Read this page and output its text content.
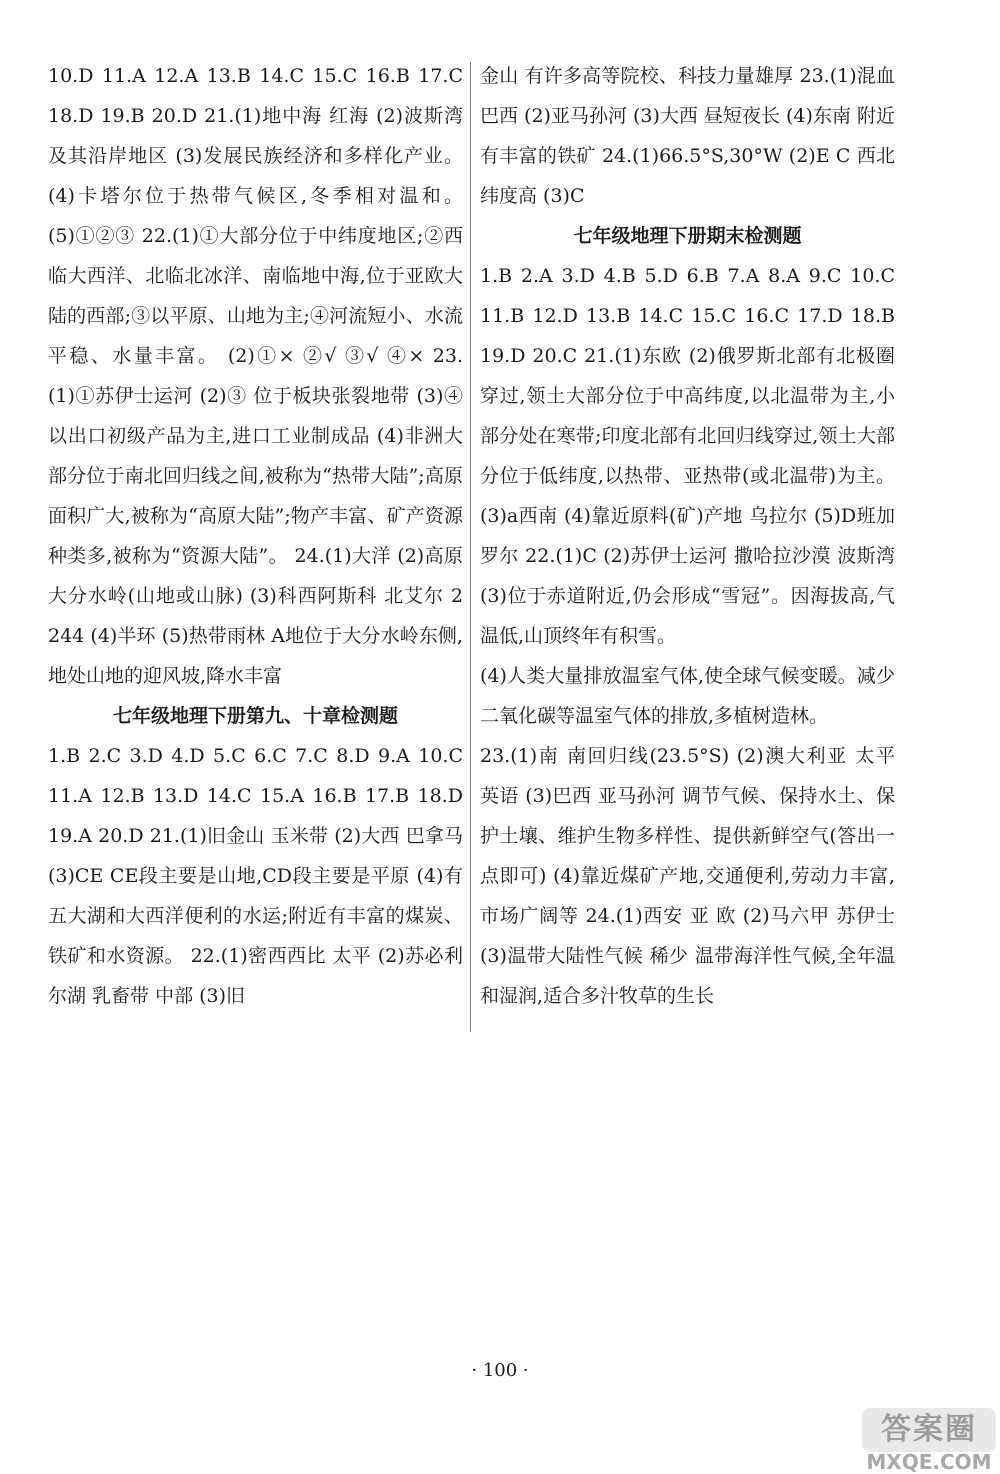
10.D 11.A 12.A 13.B 14.C 15.C 16.B 17.C 18.D 19.B 20.D 21.(1)地中海 红海 (2)波斯湾及其沿岸地区 (3)发展民族经济和多样化产业。 (4)卡塔尔位于热带气候区,冬季相对温和。 (5)①②③ 22.(1)①大部分位于中纬度地区;②西临大西洋、北临北冰洋、南临地中海,位于亚欧大陆的西部;③以平原、山地为主;④河流短小、水流平稳、水量丰富。 (2)①× ②√ ③√ ④× 23.(1)①苏伊士运河 (2)③ 位于板块张裂地带 (3)④ 以出口初级产品为主,进口工业制成品 (4)非洲大部分位于南北回归线之间,被称为“热带大陆”;高原面积广大,被称为“高原大陆”;物产丰富、矿产资源种类多,被称为“资源大陆”。 24.(1)大洋 (2)高原 大分水岭(山地或山脉) (3)科西阿斯科 北艾尔 2 244 (4)半环 (5)热带雨林 A地位于大分水岭东侧,地处山地的迎风坡,降水丰富

七年级地理下册第九、十章检测题

1.B 2.C 3.D 4.D 5.C 6.C 7.C 8.D 9.A 10.C 11.A 12.B 13.D 14.C 15.A 16.B 17.B 18.D 19.A 20.D 21.(1)旧金山 玉米带 (2)大西 巴拿马 (3)CE CE段主要是山地,CD段主要是平原 (4)有五大湖和大西洋便利的水运;附近有丰富的煤炭、铁矿和水资源。 22.(1)密西西比 太平 (2)苏必利尔湖 乳畜带 中部 (3)旧

金山 有许多高等院校、科技力量雄厚 23.(1)混血 巴西 (2)亚马孙河 (3)大西 昼短夜长 (4)东南 附近有丰富的铁矿 24.(1)66.5°S,30°W (2)E C 西北 纬度高 (3)C

七年级地理下册期末检测题

1.B 2.A 3.D 4.B 5.D 6.B 7.A 8.A 9.C 10.C 11.B 12.D 13.B 14.C 15.C 16.C 17.D 18.B 19.D 20.C 21.(1)东欧 (2)俄罗斯北部有北极圈穿过,领土大部分位于中高纬度,以北温带为主,小部分处在寒带;印度北部有北回归线穿过,领土大部分位于低纬度,以热带、亚热带(或北温带)为主。 (3)a西南 (4)靠近原料(矿)产地 乌拉尔 (5)D班加罗尔 22.(1)C (2)苏伊士运河 撒哈拉沙漠 波斯湾 (3)位于赤道附近,仍会形成“雪冠”。因海拔高,气温低,山顶终年有积雪。

(4)人类大量排放温室气体,使全球气候变暖。减少二氧化碳等温室气体的排放,多植树造林。

23.(1)南 南回归线(23.5°S) (2)澳大利亚 太平 英语 (3)巴西 亚马孙河 调节气候、保持水土、保护土壤、维护生物多样性、提供新鲜空气(答出一点即可) (4)靠近煤矿产地,交通便利,劳动力丰富,市场广阔等 24.(1)西安 亚 欧 (2)马六甲 苏伊士 (3)温带大陆性气候 稀少 温带海洋性气候,全年温和湿润,适合多汁牧草的生长

· 100 ·
答案圈
MXQE.COM
